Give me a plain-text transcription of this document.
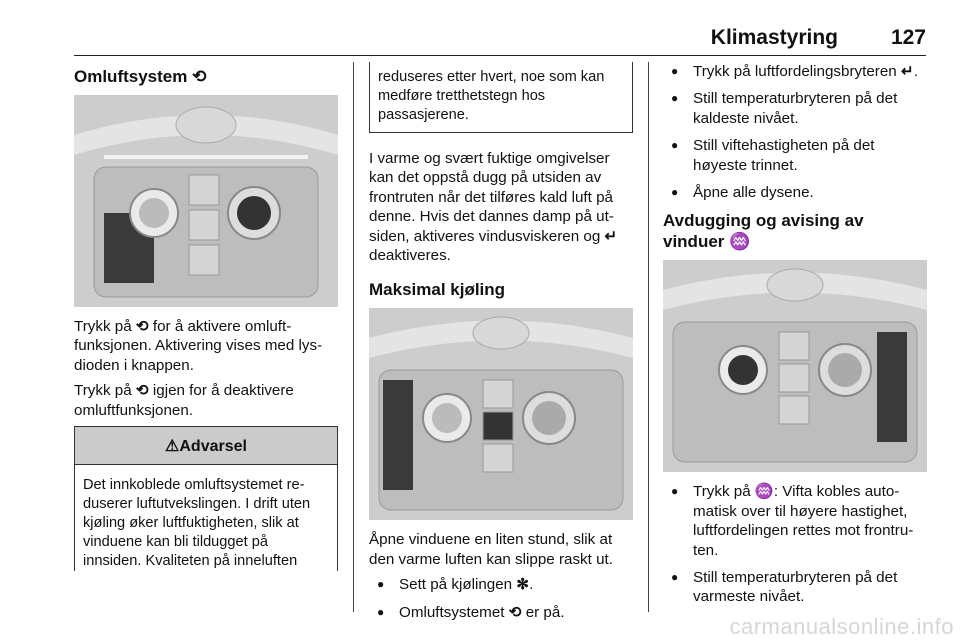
Klimastyring	127
Omluftsystem ⟲

Trykk på ⟲ for å aktivere omluft-funksjonen. Aktivering vises med lys-dioden i knappen.

Trykk på ⟲ igjen for å deaktivere omluftfunksjonen.

⚠Advarsel
Det innkoblede omluftsystemet re-duserer luftutvekslingen. I drift uten kjøling øker luftfuktigheten, slik at vinduene kan bli tildugget på innsiden. Kvaliteten på inneluften
reduseres etter hvert, noe som kan medføre tretthetstegn hos passasjerene.

I varme og svært fuktige omgivelser kan det oppstå dugg på utsiden av frontruten når det tilføres kald luft på denne. Hvis det dannes damp på ut-siden, aktiveres vindusviskeren og ↵ deaktiveres.

Maksimal kjøling

Åpne vinduene en liten stund, slik at den varme luften kan slippe raskt ut.

● Sett på kjølingen ✻.
● Omluftsystemet ⟲ er på.
● Trykk på luftfordelingsbryteren ↵.
● Still temperaturbryteren på det kaldeste nivået.
● Still viftehastigheten på det høyeste trinnet.
● Åpne alle dysene.
Avdugging og avising av vinduer ♒
● Trykk på ♒: Vifta kobles auto-matisk over til høyere hastighet, luftfordelingen rettes mot frontru-ten.
● Still temperaturbryteren på det varmeste nivået.
carmanualsonline.info
